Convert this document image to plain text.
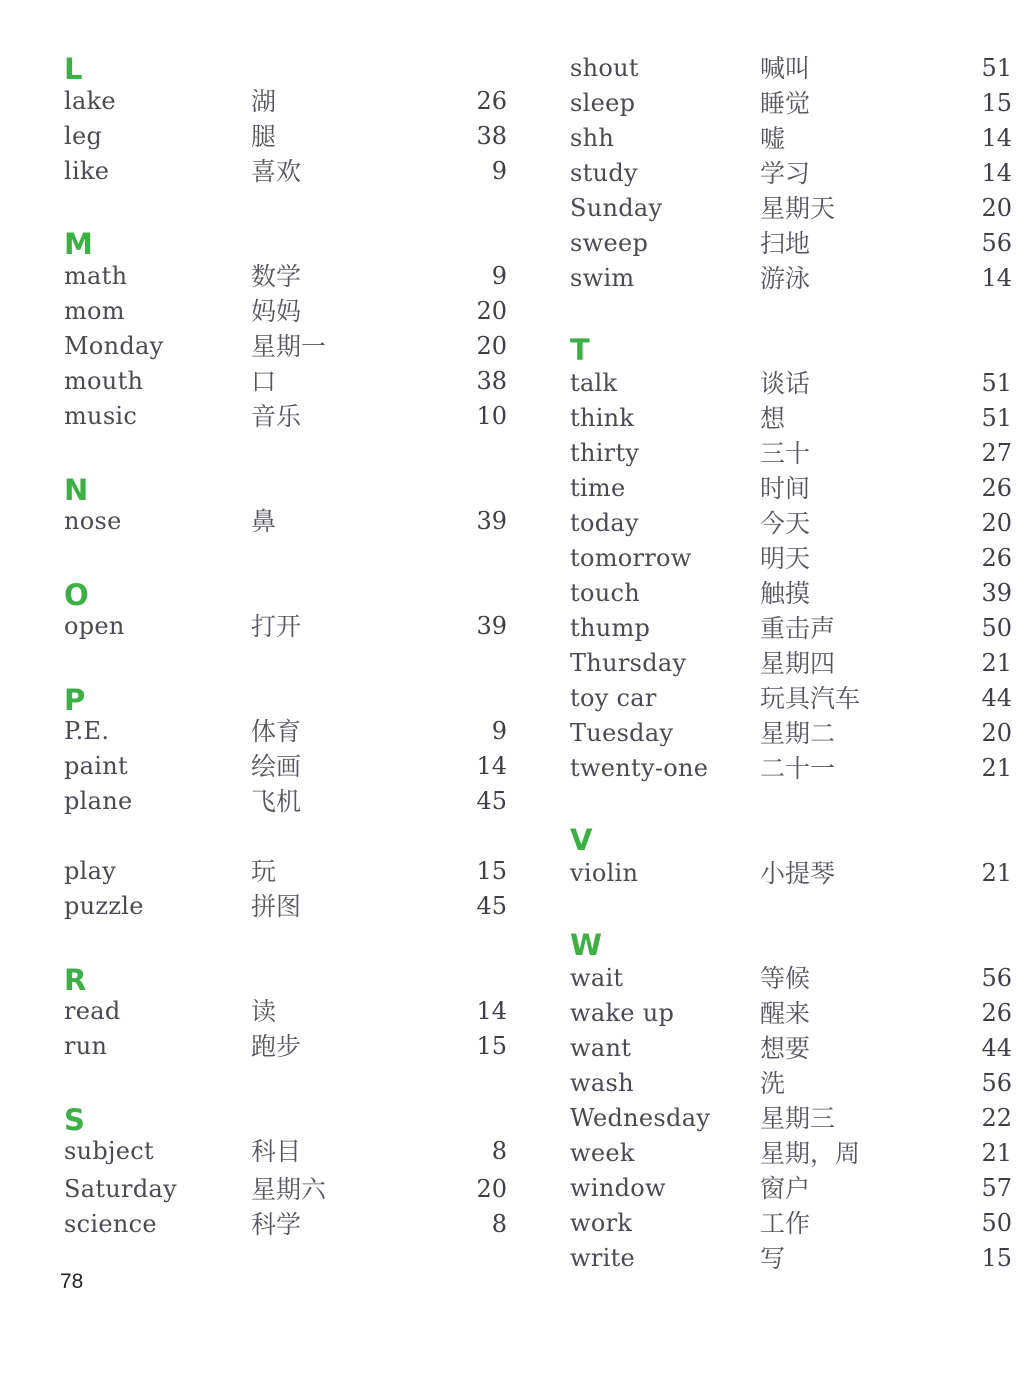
L
lake	湖	26
leg	腿	38
like	喜欢	9
M
math	数学	9
mom	妈妈	20
Monday	星期一	20
mouth	口	38
music	音乐	10
N
nose	鼻	39
O
open	打开	39
P
P.E.	体育	9
paint	绘画	14
plane	飞机	45
play	玩	15
puzzle	拼图	45
R
read	读	14
run	跑步	15
S
subject	科目	8
Saturday	星期六	20
science	科学	8
shout	喊叫	51
sleep	睡觉	15
shh	嘘	14
study	学习	14
Sunday	星期天	20
sweep	扫地	56
swim	游泳	14
T
talk	谈话	51
think	想	51
thirty	三十	27
time	时间	26
today	今天	20
tomorrow	明天	26
touch	触摸	39
thump	重击声	50
Thursday	星期四	21
toy car	玩具汽车	44
Tuesday	星期二	20
twenty-one 二十一	21
V
violin	小提琴	21
W
wait	等候	56
wake up	醒来	26
want	想要	44
wash	洗	56
Wednesday 星期三	22
week	星期，周	21
window	窗户	57
work	工作	50
write	写	15
78
